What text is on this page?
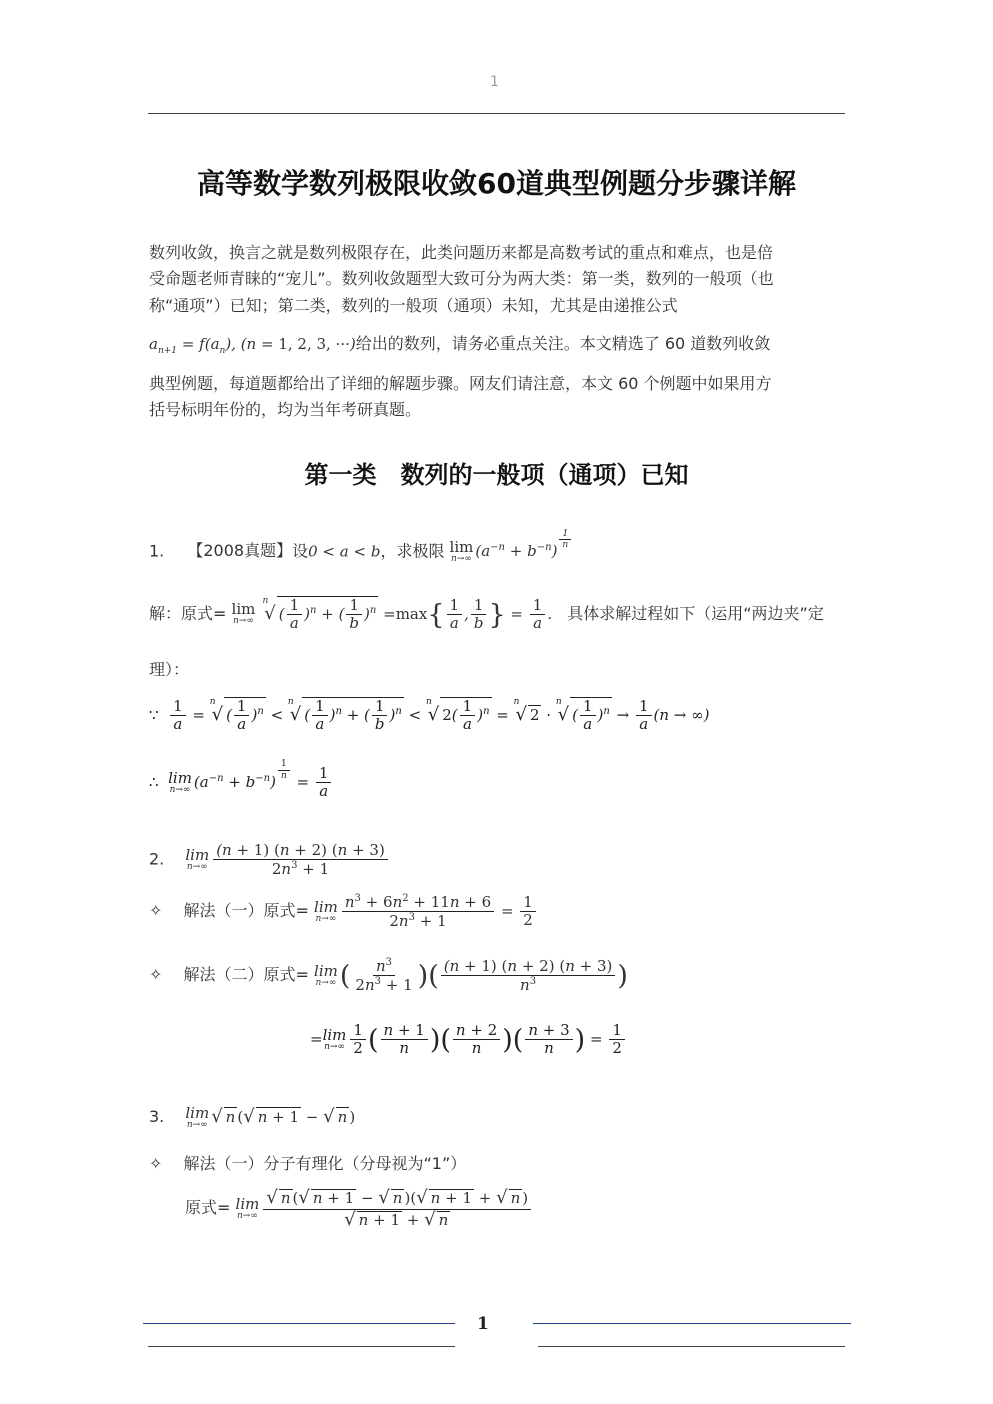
1
高等数学数列极限收敛60道典型例题分步骤详解
数列收敛，换言之就是数列极限存在，此类问题历来都是高数考试的重点和难点，也是倍
受命题老师青睐的“宠儿”。数列收敛题型大致可分为两大类：第一类，数列的一般项（也
称“通项”）已知；第二类，数列的一般项（通项）未知，尤其是由递推公式
$a_{n+1} = f(a_n)$, (n = 1, 2, 3, ···)给出的数列，请务必重点关注。本文精选了 60 道数列收敛
典型例题，每道题都给出了详细的解题步骤。网友们请注意，本文 60 个例题中如果用方
括号标明年份的，均为当年考研真题。
第一类　数列的一般项（通项）已知
1. 【2008真题】设0 < a < b，求极限 lim
n→∞ $(a^{-n} + b^{-n})$
$^{\frac{1}{n}}$
解：原式= lim
n→∞
$^n$√ ( $\frac{1}{a} )^n$ + ( $\frac{1}{b} )^n =\max\{ \frac{1}{a}$ , $\frac{1}{b}$ } = $\frac{1}{a}$ . 具体求解过程如下（运用“两边夹”定
理）：
∵ $\frac{1}{a} = ^n√$ ( $\frac{1}{a} )^n < ^n√$ ( $\frac{1}{a} )^n$ + ( $\frac{1}{b} )^n < ^n√$ $2( \frac{1}{a} )^n = ^n√$ 2 · $^n$√ ( $\frac{1}{a} )^n \to \frac{1}{a} (n$ → ∞)
∴ lim
n→∞ $(a^{-n} + b^{-n})$
$^{\frac{1}{n}}$
= $\frac{1}{a}$
2. lim
$n\to\infty \frac{(n + 1) (n + 2) (n + 3)}{2n^3 + 1}$
✧ 解法（一）原式= lim
$n\to\infty \frac{n^3 + 6n^2 + 11n + 6}{2n^3 + 1} = \frac{1}{2}$
✧ 解法（二）原式= lim
n→∞ ( $\frac{n^3}{2n^3 + 1}$ )( $\frac{(n + 1) (n + 2) (n + 3)}{n^3}$ )
= lim
$n\to\infty \frac{1}{2}$ ( $\frac{n + 1}{n}$ )( $\frac{n + 2}{n}$ )( $\frac{n + 3}{n}$ ) = $\frac{1}{2}$
3. lim
n→∞ √ n (√ n + 1 − √ n )
✧ 解法（一）分子有理化（分母视为“1”）
原式= lim
$n\to\infty \frac{√ n (√ n + 1 - √ n )(√ n + 1 + √ n )}{√ n + 1 + √ n}$
1
